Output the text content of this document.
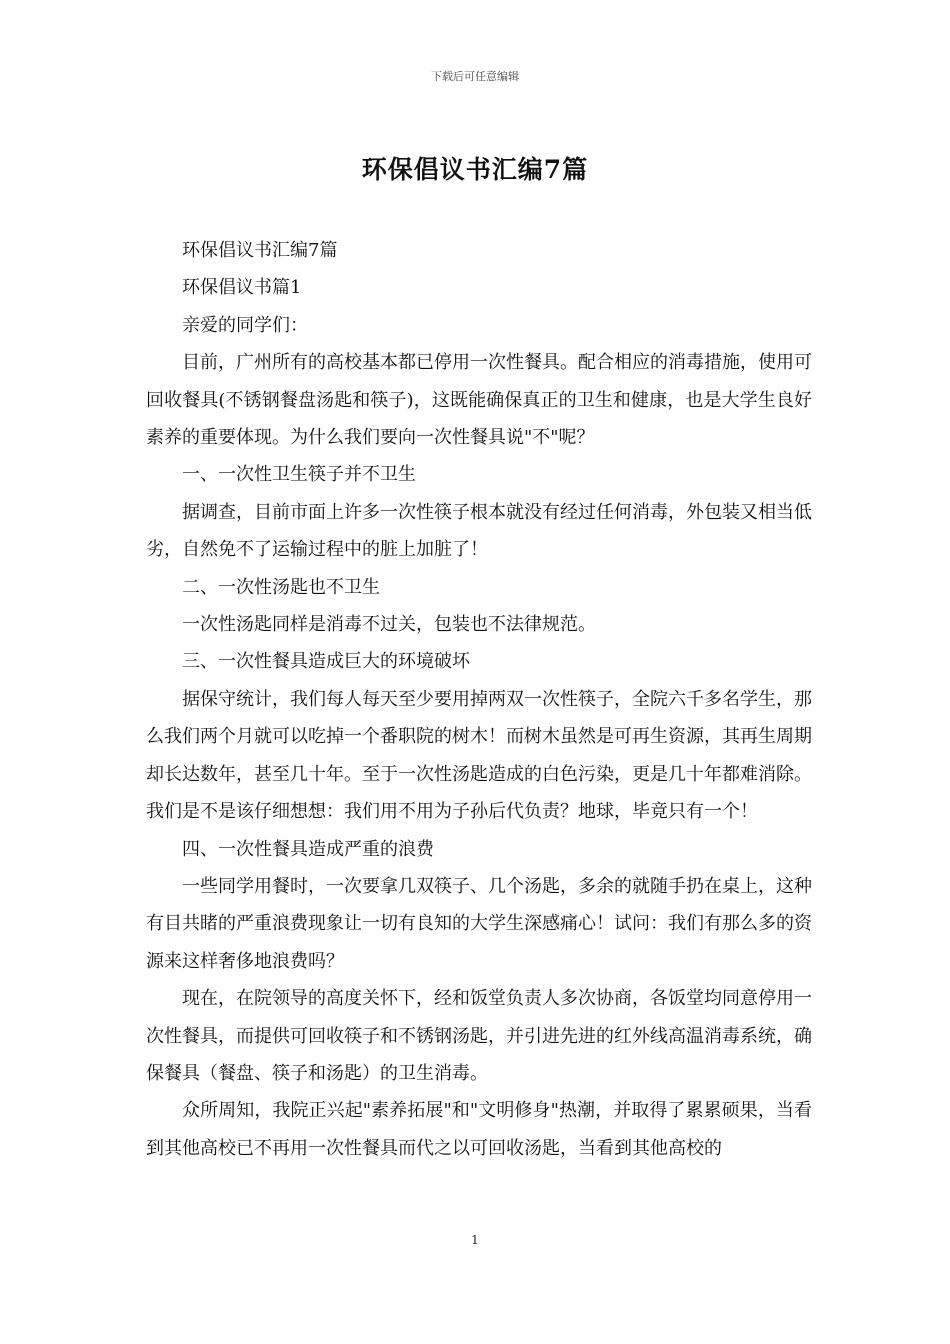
下载后可任意编辑
环保倡议书汇编7篇

环保倡议书汇编7篇

环保倡议书篇1

亲爱的同学们：

目前，广州所有的高校基本都已停用一次性餐具。配合相应的消毒措施，使用可回收餐具(不锈钢餐盘汤匙和筷子)，这既能确保真正的卫生和健康，也是大学生良好素养的重要体现。为什么我们要向一次性餐具说"不"呢？

一、一次性卫生筷子并不卫生

据调查，目前市面上许多一次性筷子根本就没有经过任何消毒，外包装又相当低劣，自然免不了运输过程中的脏上加脏了！

二、一次性汤匙也不卫生

一次性汤匙同样是消毒不过关，包装也不法律规范。

三、一次性餐具造成巨大的环境破坏

据保守统计，我们每人每天至少要用掉两双一次性筷子，全院六千多名学生，那么我们两个月就可以吃掉一个番职院的树木！而树木虽然是可再生资源，其再生周期却长达数年，甚至几十年。至于一次性汤匙造成的白色污染，更是几十年都难消除。我们是不是该仔细想想：我们用不用为子孙后代负责？地球，毕竟只有一个！

四、一次性餐具造成严重的浪费

一些同学用餐时，一次要拿几双筷子、几个汤匙，多余的就随手扔在桌上，这种有目共睹的严重浪费现象让一切有良知的大学生深感痛心！试问：我们有那么多的资源来这样奢侈地浪费吗？

现在，在院领导的高度关怀下，经和饭堂负责人多次协商，各饭堂均同意停用一次性餐具，而提供可回收筷子和不锈钢汤匙，并引进先进的红外线高温消毒系统，确保餐具（餐盘、筷子和汤匙）的卫生消毒。

众所周知，我院正兴起"素养拓展"和"文明修身"热潮，并取得了累累硕果，当看到其他高校已不再用一次性餐具而代之以可回收汤匙，当看到其他高校的

1
